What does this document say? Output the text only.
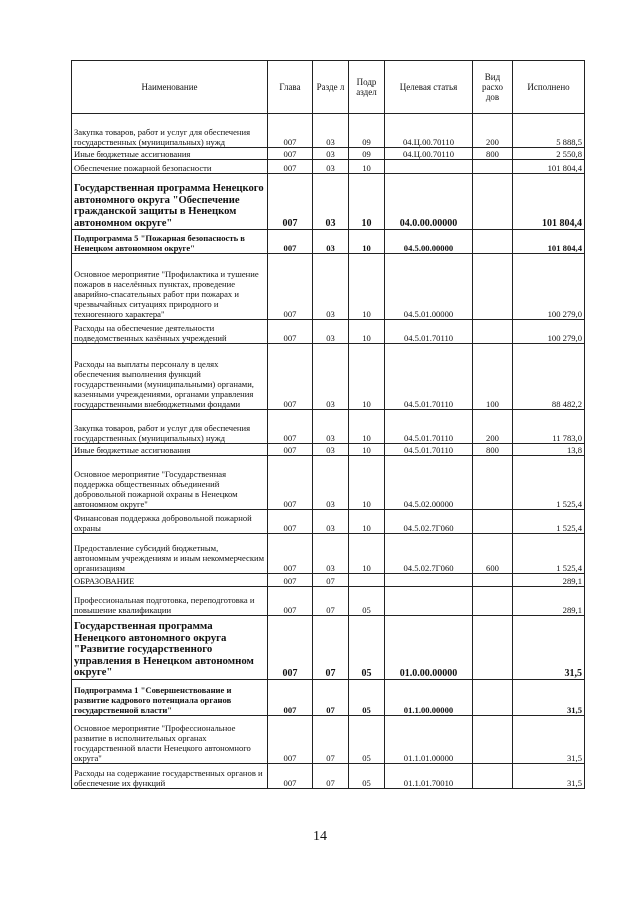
Наименование	Глава	Разде л	Подр аздел	Целевая статья	Вид расхо дов	Исполнено
Закупка товаров, работ и услуг для обеспечения государственных (муниципальных) нужд	007	03	09	04.Ц.00.70110	200	5 888,5
Иные бюджетные ассигнования	007	03	09	04.Ц.00.70110	800	2 550,8
Обеспечение пожарной безопасности	007	03	10			101 804,4
Государственная программа Ненецкого автономного округа "Обеспечение гражданской защиты в Ненецком автономном округе"	007	03	10	04.0.00.00000		101 804,4
Подпрограмма 5 "Пожарная безопасность в Ненецком автономном округе"	007	03	10	04.5.00.00000		101 804,4
Основное мероприятие "Профилактика и тушение пожаров в населённых пунктах, проведение аварийно-спасательных работ при пожарах и чрезвычайных ситуациях природного и техногенного характера"	007	03	10	04.5.01.00000		100 279,0
Расходы на обеспечение деятельности подведомственных казённых учреждений	007	03	10	04.5.01.70110		100 279,0
Расходы на выплаты персоналу в целях обеспечения выполнения функций государственными (муниципальными) органами, казенными учреждениями, органами управления государственными внебюджетными фондами	007	03	10	04.5.01.70110	100	88 482,2
Закупка товаров, работ и услуг для обеспечения государственных (муниципальных) нужд	007	03	10	04.5.01.70110	200	11 783,0
Иные бюджетные ассигнования	007	03	10	04.5.01.70110	800	13,8
Основное мероприятие "Государственная поддержка общественных объединений добровольной пожарной охраны в Ненецком автономном округе"	007	03	10	04.5.02.00000		1 525,4
Финансовая поддержка добровольной пожарной охраны	007	03	10	04.5.02.7Г060		1 525,4
Предоставление субсидий бюджетным, автономным учреждениям и иным некоммерческим организациям	007	03	10	04.5.02.7Г060	600	1 525,4
ОБРАЗОВАНИЕ	007	07				289,1
Профессиональная подготовка, переподготовка и повышение квалификации	007	07	05			289,1
Государственная программа Ненецкого автономного округа "Развитие государственного управления в Ненецком автономном округе"	007	07	05	01.0.00.00000		31,5
Подпрограмма 1 "Совершенствование и развитие кадрового потенциала органов государственной власти"	007	07	05	01.1.00.00000		31,5
Основное мероприятие "Профессиональное развитие в исполнительных органах государственной власти Ненецкого автономного округа"	007	07	05	01.1.01.00000		31,5
Расходы на содержание государственных органов и обеспечение их функций	007	07	05	01.1.01.70010		31,5
14
